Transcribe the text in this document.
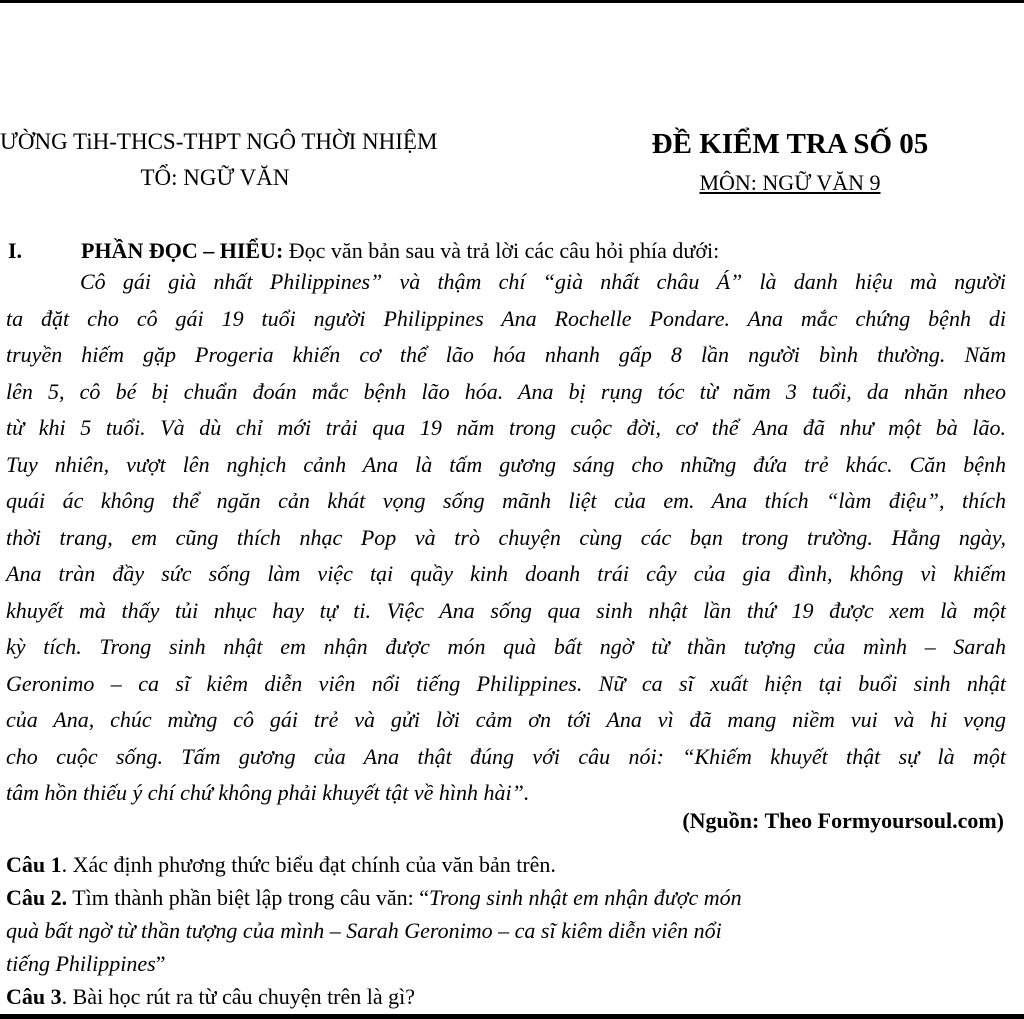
ƯỜNG TiH-THCS-THPT NGÔ THỜI NHIỆM
TỔ: NGỮ VĂN
ĐỀ KIỂM TRA SỐ 05
MÔN: NGỮ VĂN 9
I.	PHẦN ĐỌC – HIỂU: Đọc văn bản sau và trả lời các câu hỏi phía dưới:
Cô gái già nhất Philippines” và thậm chí “già nhất châu Á” là danh hiệu mà người
ta đặt cho cô gái 19 tuổi người Philippines Ana Rochelle Pondare. Ana mắc chứng bệnh di
truyền hiếm gặp Progeria khiến cơ thể lão hóa nhanh gấp 8 lần người bình thường. Năm
lên 5, cô bé bị chuẩn đoán mắc bệnh lão hóa. Ana bị rụng tóc từ năm 3 tuổi, da nhăn nheo
từ khi 5 tuổi. Và dù chỉ mới trải qua 19 năm trong cuộc đời, cơ thể Ana đã như một bà lão.
Tuy nhiên, vượt lên nghịch cảnh Ana là tấm gương sáng cho những đứa trẻ khác. Căn bệnh
quái ác không thể ngăn cản khát vọng sống mãnh liệt của em. Ana thích “làm điệu”, thích
thời trang, em cũng thích nhạc Pop và trò chuyện cùng các bạn trong trường. Hằng ngày,
Ana tràn đầy sức sống làm việc tại quầy kinh doanh trái cây của gia đình, không vì khiếm
khuyết mà thấy tủi nhục hay tự ti. Việc Ana sống qua sinh nhật lần thứ 19 được xem là một
kỳ tích. Trong sinh nhật em nhận được món quà bất ngờ từ thần tượng của mình – Sarah
Geronimo – ca sĩ kiêm diễn viên nổi tiếng Philippines. Nữ ca sĩ xuất hiện tại buổi sinh nhật
của Ana, chúc mừng cô gái trẻ và gửi lời cảm ơn tới Ana vì đã mang niềm vui và hi vọng
cho cuộc sống. Tấm gương của Ana thật đúng với câu nói: “Khiếm khuyết thật sự là một
tâm hồn thiếu ý chí chứ không phải khuyết tật về hình hài”.
(Nguồn: Theo Formyoursoul.com)
Câu 1. Xác định phương thức biểu đạt chính của văn bản trên.
Câu 2. Tìm thành phần biệt lập trong câu văn: “Trong sinh nhật em nhận được món
quà bất ngờ từ thần tượng của mình – Sarah Geronimo – ca sĩ kiêm diễn viên nổi
tiếng Philippines”
Câu 3. Bài học rút ra từ câu chuyện trên là gì?
